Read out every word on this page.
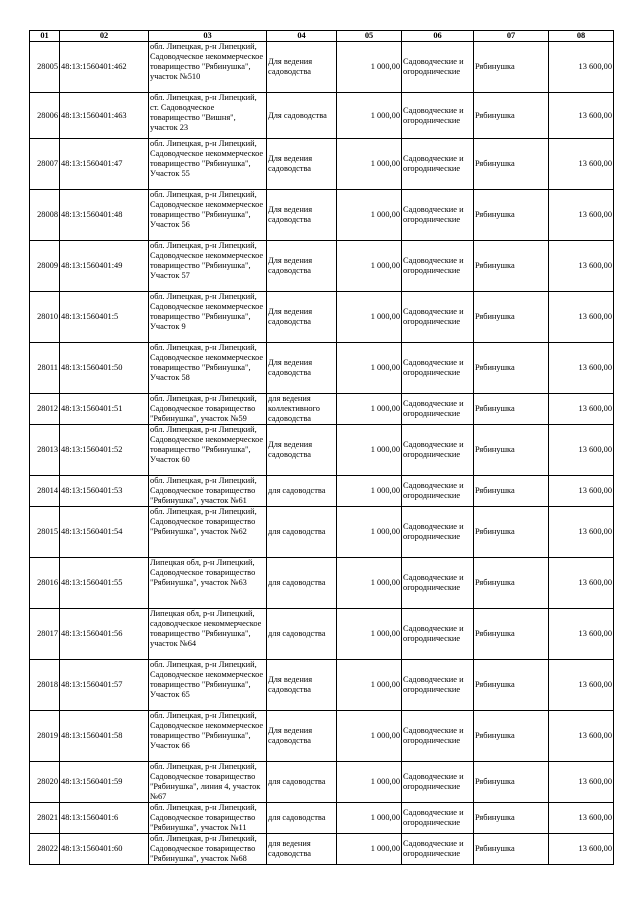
01	02	03	04	05	06	07	08
28005	48:13:1560401:462	обл. Липецкая, р-н Липецкий, Садоводческое некоммерческое товарищество "Рябинушка", участок №510	Для ведения садоводства	1 000,00	Садоводческие и огороднические	Рябинушка	13 600,00
28006	48:13:1560401:463	обл. Липецкая, р-н Липецкий, ст. Садоводческое товарищество "Вишня", участок 23	Для садоводства	1 000,00	Садоводческие и огороднические	Рябинушка	13 600,00
28007	48:13:1560401:47	обл. Липецкая, р-н Липецкий, Садоводческое некоммерческое товарищество "Рябинушка", Участок 55	Для ведения садоводства	1 000,00	Садоводческие и огороднические	Рябинушка	13 600,00
28008	48:13:1560401:48	обл. Липецкая, р-н Липецкий, Садоводческое некоммерческое товарищество "Рябинушка", Участок 56	Для ведения садоводства	1 000,00	Садоводческие и огороднические	Рябинушка	13 600,00
28009	48:13:1560401:49	обл. Липецкая, р-н Липецкий, Садоводческое некоммерческое товарищество "Рябинушка", Участок 57	Для ведения садоводства	1 000,00	Садоводческие и огороднические	Рябинушка	13 600,00
28010	48:13:1560401:5	обл. Липецкая, р-н Липецкий, Садоводческое некоммерческое товарищество "Рябинушка", Участок 9	Для ведения садоводства	1 000,00	Садоводческие и огороднические	Рябинушка	13 600,00
28011	48:13:1560401:50	обл. Липецкая, р-н Липецкий, Садоводческое некоммерческое товарищество "Рябинушка", Участок 58	Для ведения садоводства	1 000,00	Садоводческие и огороднические	Рябинушка	13 600,00
28012	48:13:1560401:51	обл. Липецкая, р-н Липецкий, Садоводческое товарищество "Рябинушка", участок №59	для ведения коллективного садоводства	1 000,00	Садоводческие и огороднические	Рябинушка	13 600,00
28013	48:13:1560401:52	обл. Липецкая, р-н Липецкий, Садоводческое некоммерческое товарищество "Рябинушка", Участок 60	Для ведения садоводства	1 000,00	Садоводческие и огороднические	Рябинушка	13 600,00
28014	48:13:1560401:53	обл. Липецкая, р-н Липецкий, Садоводческое товарищество "Рябинушка", участок №61	для садоводства	1 000,00	Садоводческие и огороднические	Рябинушка	13 600,00
28015	48:13:1560401:54	обл. Липецкая, р-н Липецкий, Садоводческое товарищество "Рябинушка", участок №62	для садоводства	1 000,00	Садоводческие и огороднические	Рябинушка	13 600,00
28016	48:13:1560401:55	Липецкая обл, р-н Липецкий, Садоводческое товарищество "Рябинушка", участок №63	для садоводства	1 000,00	Садоводческие и огороднические	Рябинушка	13 600,00
28017	48:13:1560401:56	Липецкая обл, р-н Липецкий, садоводческое некоммерческое товарищество "Рябинушка", участок №64	для садоводства	1 000,00	Садоводческие и огороднические	Рябинушка	13 600,00
28018	48:13:1560401:57	обл. Липецкая, р-н Липецкий, Садоводческое некоммерческое товарищество "Рябинушка", Участок 65	Для ведения садоводства	1 000,00	Садоводческие и огороднические	Рябинушка	13 600,00
28019	48:13:1560401:58	обл. Липецкая, р-н Липецкий, Садоводческое некоммерческое товарищество "Рябинушка", Участок 66	Для ведения садоводства	1 000,00	Садоводческие и огороднические	Рябинушка	13 600,00
28020	48:13:1560401:59	обл. Липецкая, р-н Липецкий, Садоводческое товарищество "Рябинушка", линия 4, участок №67	для садоводства	1 000,00	Садоводческие и огороднические	Рябинушка	13 600,00
28021	48:13:1560401:6	обл. Липецкая, р-н Липецкий, Садоводческое товарищество "Рябинушка", участок №11	для садоводства	1 000,00	Садоводческие и огороднические	Рябинушка	13 600,00
28022	48:13:1560401:60	обл. Липецкая, р-н Липецкий, Садоводческое товарищество "Рябинушка", участок №68	для ведения садоводства	1 000,00	Садоводческие и огороднические	Рябинушка	13 600,00
